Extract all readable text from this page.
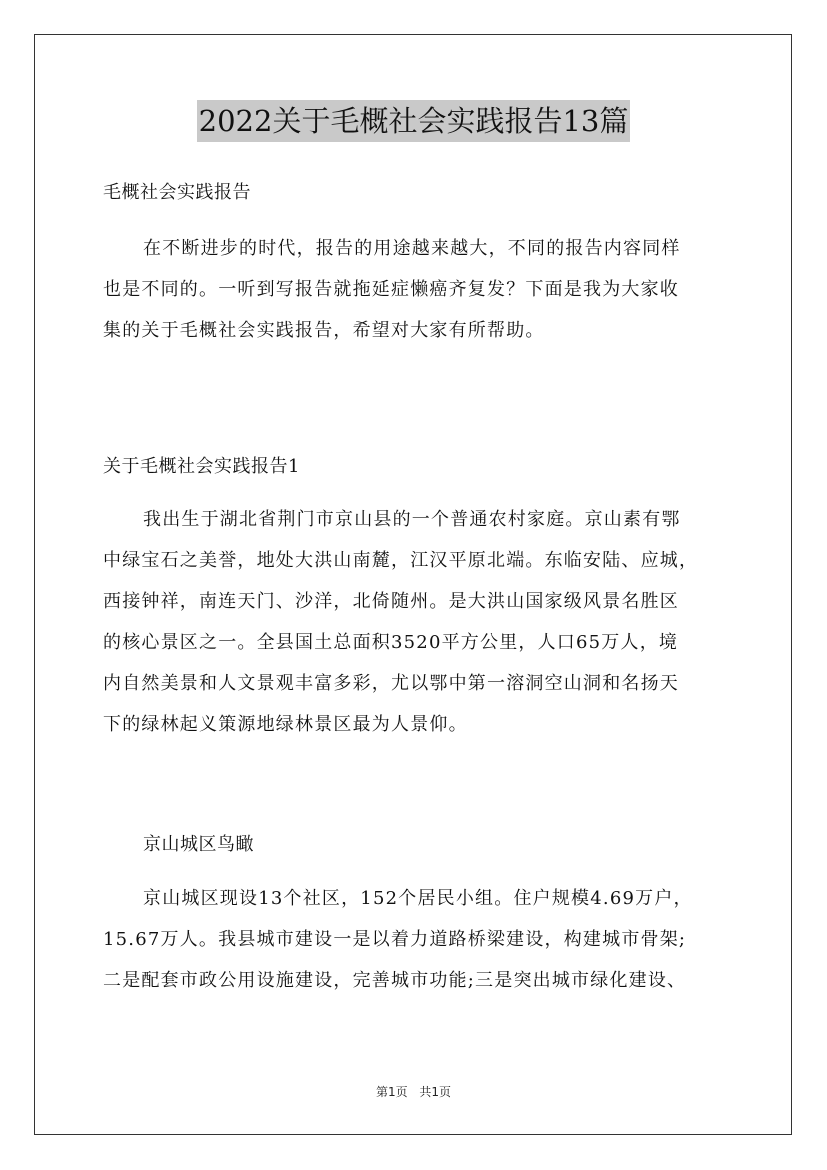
2022关于毛概社会实践报告13篇
毛概社会实践报告
在不断进步的时代，报告的用途越来越大，不同的报告内容同样
也是不同的。一听到写报告就拖延症懒癌齐复发？下面是我为大家收
集的关于毛概社会实践报告，希望对大家有所帮助。
关于毛概社会实践报告1
我出生于湖北省荆门市京山县的一个普通农村家庭。京山素有鄂
中绿宝石之美誉，地处大洪山南麓，江汉平原北端。东临安陆、应城，
西接钟祥，南连天门、沙洋，北倚随州。是大洪山国家级风景名胜区
的核心景区之一。全县国土总面积3520平方公里，人口65万人，境
内自然美景和人文景观丰富多彩，尤以鄂中第一溶洞空山洞和名扬天
下的绿林起义策源地绿林景区最为人景仰。
京山城区鸟瞰
京山城区现设13个社区，152个居民小组。住户规模4.69万户，
15.67万人。我县城市建设一是以着力道路桥梁建设，构建城市骨架;
二是配套市政公用设施建设，完善城市功能;三是突出城市绿化建设、
第1页 共1页
